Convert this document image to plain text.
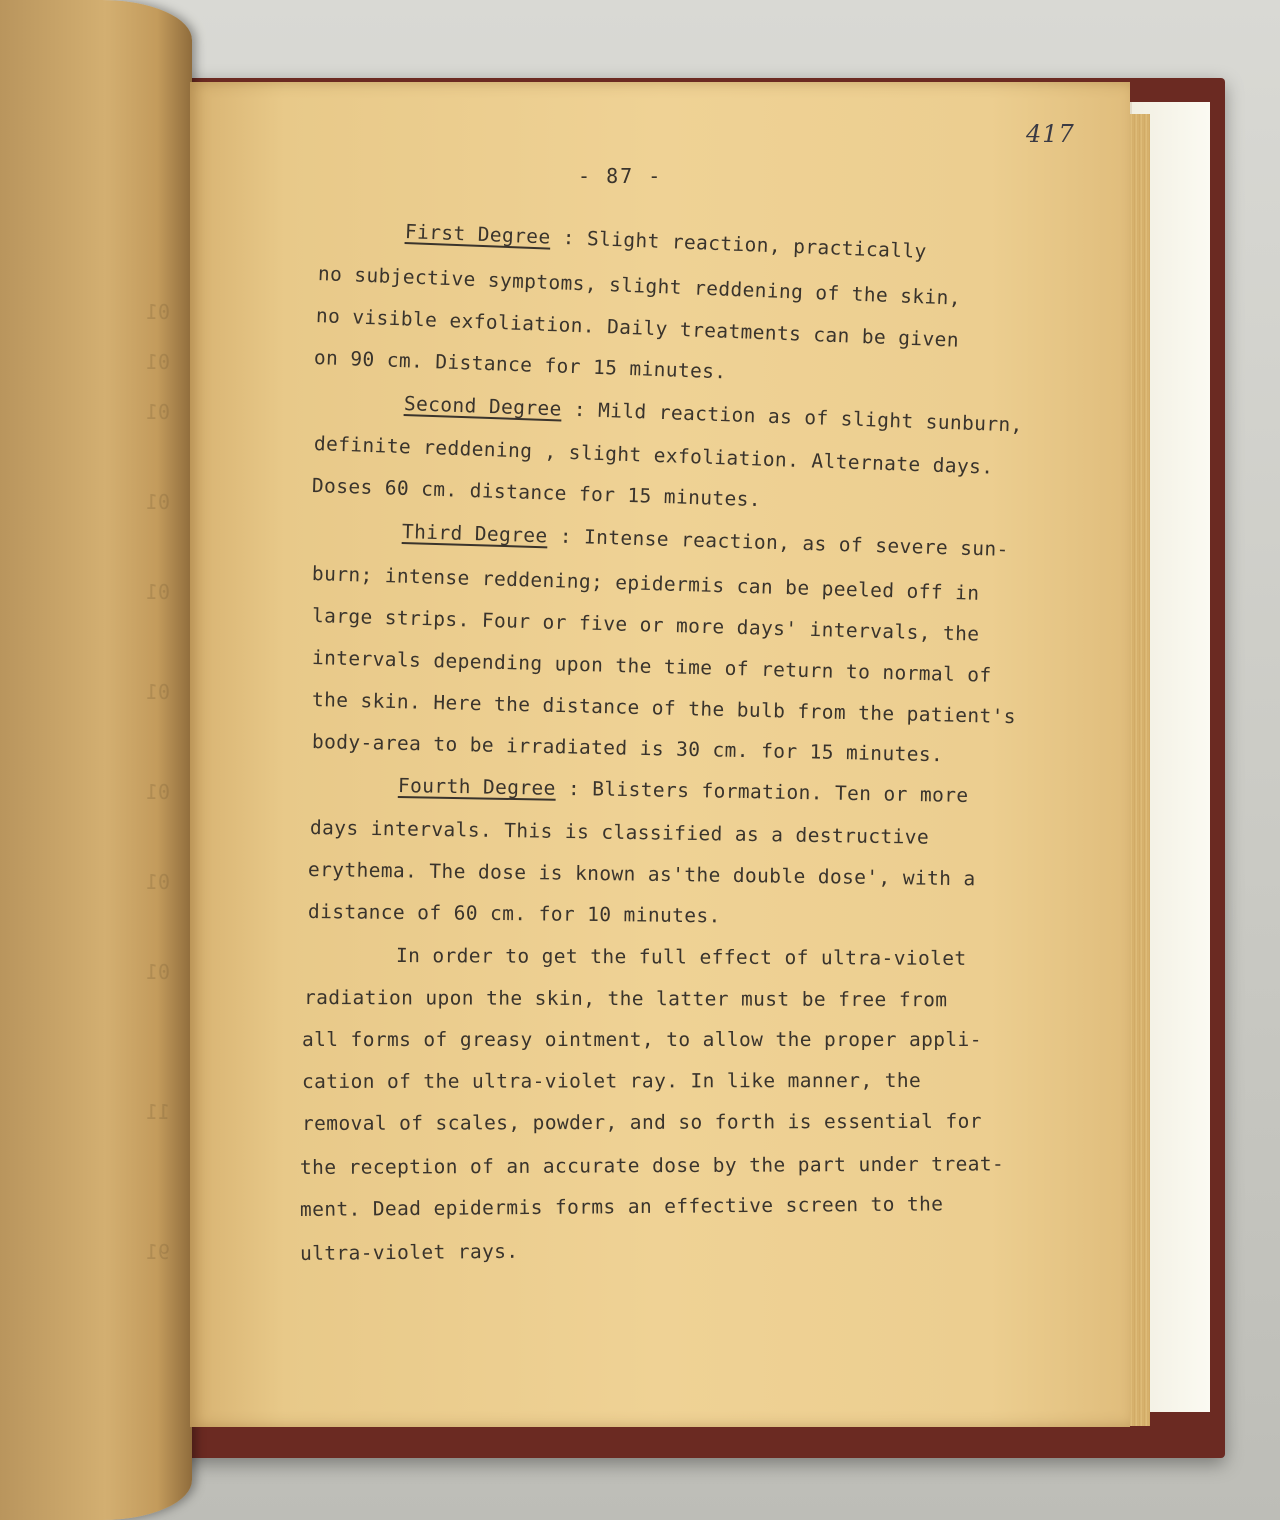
01
01
01
01
01
01
01
01
01
11
91
417
- 87 -
First Degree : Slight reaction, practically
no subjective symptoms, slight reddening of the skin,
no visible exfoliation. Daily treatments can be given
on 90 cm. Distance for 15 minutes.
Second Degree : Mild reaction as of slight sunburn,
definite reddening , slight exfoliation. Alternate days.
Doses 60 cm. distance for 15 minutes.
Third Degree : Intense reaction, as of severe sun-
burn; intense reddening; epidermis can be peeled off in
large strips. Four or five or more days' intervals, the
intervals depending upon the time of return to normal of
the skin. Here the distance of the bulb from the patient's
body-area to be irradiated is 30 cm. for 15 minutes.
Fourth Degree : Blisters formation. Ten or more
days intervals. This is classified as a destructive
erythema. The dose is known as'the double dose', with a
distance of 60 cm. for 10 minutes.
In order to get the full effect of ultra-violet
radiation upon the skin, the latter must be free from
all forms of greasy ointment, to allow the proper appli-
cation of the ultra-violet ray. In like manner, the
removal of scales, powder, and so forth is essential for
the reception of an accurate dose by the part under treat-
ment. Dead epidermis forms an effective screen to the
ultra-violet rays.
